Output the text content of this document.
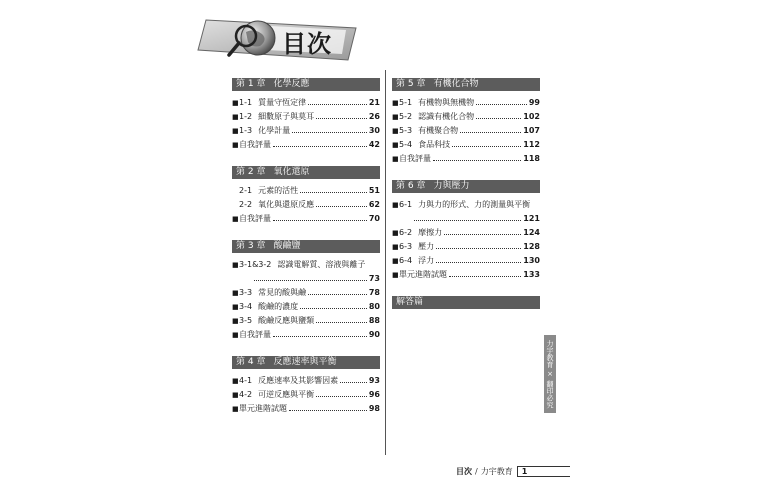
目次
第 1 章 化學反應
■ 1-1 質量守恆定律	21
■ 1-2 細數原子與莫耳	26
■ 1-3 化學計量	30
■ 自我評量	42
第 2 章 氧化還原
2-1 元素的活性	51
2-2 氧化與還原反應	62
■ 自我評量	70
第 3 章 酸鹼鹽
■ 3-1&3-2 認識電解質、溶液與離子
73
■ 3-3 常見的酸與鹼	78
■ 3-4 酸鹼的濃度	80
■ 3-5 酸鹼反應與鹽類	88
■ 自我評量	90
第 4 章 反應速率與平衡
■ 4-1 反應速率及其影響因素	93
■ 4-2 可逆反應與平衡	96
■ 單元進階試題	98
第 5 章 有機化合物
■ 5-1 有機物與無機物	99
■ 5-2 認識有機化合物	102
■ 5-3 有機聚合物	107
■ 5-4 食品科技	112
■ 自我評量	118
第 6 章 力與壓力
■ 6-1 力與力的形式、力的測量與平衡
121
■ 6-2 摩擦力	124
■ 6-3 壓力	128
■ 6-4 浮力	130
■ 單元進階試題	133
解答篇
力宇教育 × 翻印必究
目次 / 力宇教育 1
